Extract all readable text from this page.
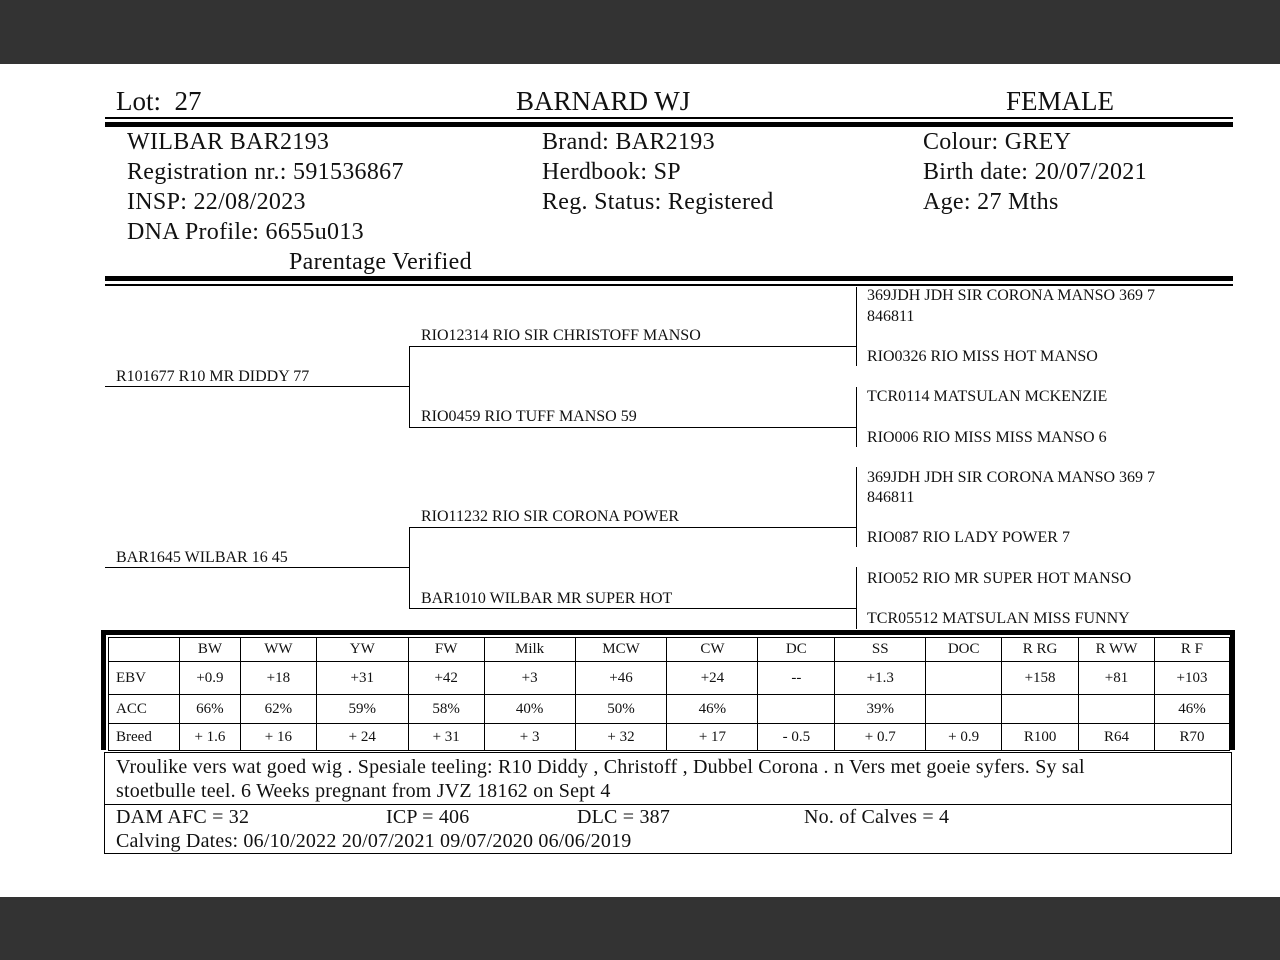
Lot: 27	BARNARD WJ	FEMALE
WILBAR BAR2193
Registration nr.: 591536867
INSP: 22/08/2023
DNA Profile: 6655u013
Parentage Verified
Brand: BAR2193
Herdbook: SP
Reg. Status: Registered
Colour: GREY
Birth date: 20/07/2021
Age: 27 Mths
R101677 R10 MR DIDDY 77
BAR1645 WILBAR 16 45
RIO12314 RIO SIR CHRISTOFF MANSO
RIO0459 RIO TUFF MANSO 59
RIO11232 RIO SIR CORONA POWER
BAR1010 WILBAR MR SUPER HOT
369JDH JDH SIR CORONA MANSO 369 7
846811
RIO0326 RIO MISS HOT MANSO
TCR0114 MATSULAN MCKENZIE
RIO006 RIO MISS MISS MANSO 6
369JDH JDH SIR CORONA MANSO 369 7
846811
RIO087 RIO LADY POWER 7
RIO052 RIO MR SUPER HOT MANSO
TCR05512 MATSULAN MISS FUNNY
	BW	WW	YW	FW	Milk	MCW	CW	DC	SS	DOC	R RG	R WW	R F
EBV	+0.9	+18	+31	+42	+3	+46	+24	--	+1.3		+158	+81	+103
ACC	66%	62%	59%	58%	40%	50%	46%		39%				46%
Breed	+ 1.6	+ 16	+ 24	+ 31	+ 3	+ 32	+ 17	- 0.5	+ 0.7	+ 0.9	R100	R64	R70
Vroulike vers wat goed wig . Spesiale teeling: R10 Diddy , Christoff , Dubbel Corona . n Vers met goeie syfers. Sy sal
stoetbulle teel. 6 Weeks pregnant from JVZ 18162 on Sept 4
DAM AFC = 32	ICP = 406	DLC = 387	No. of Calves = 4
Calving Dates: 06/10/2022 20/07/2021 09/07/2020 06/06/2019
